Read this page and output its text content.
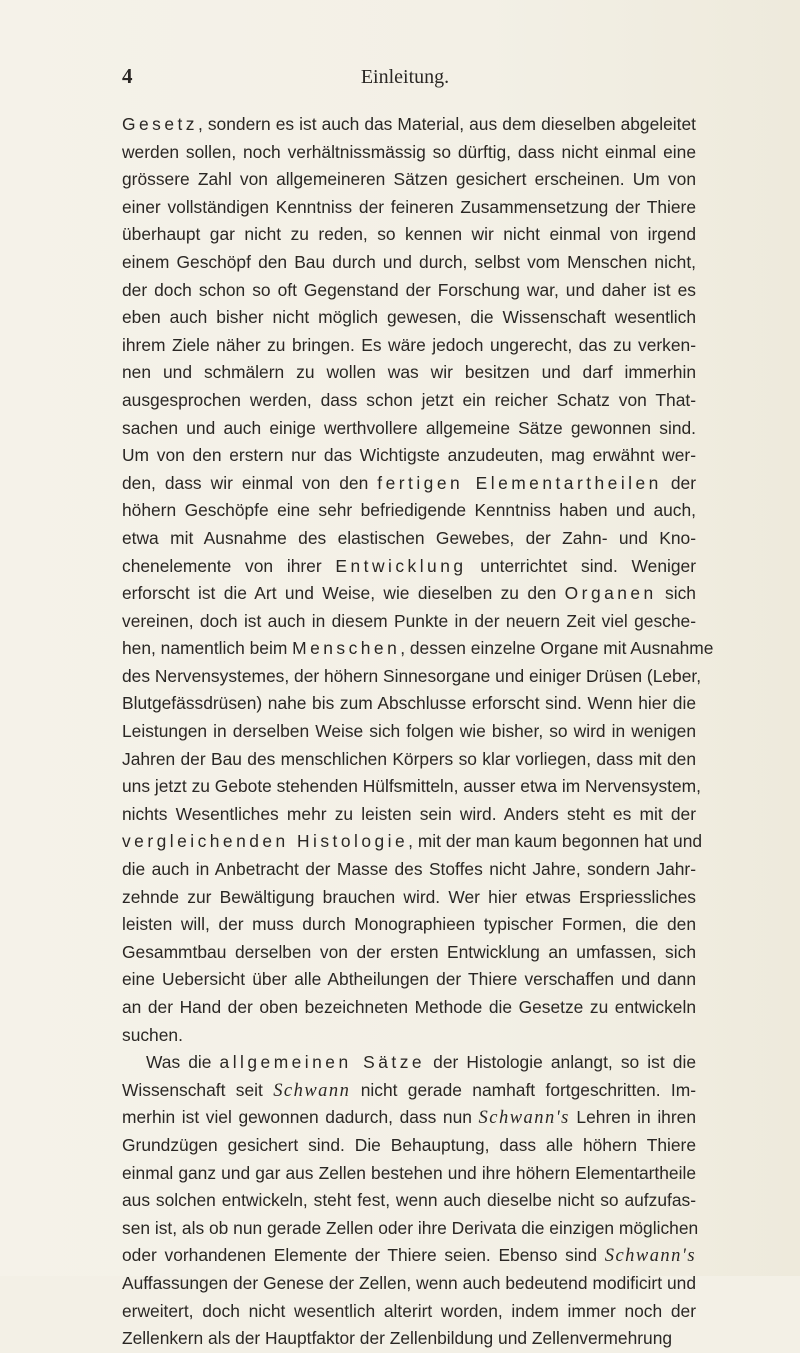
4	Einleitung.
Gesetz, sondern es ist auch das Material, aus dem dieselben abgeleitet
werden sollen, noch verhältnissmässig so dürftig, dass nicht einmal eine
grössere Zahl von allgemeineren Sätzen gesichert erscheinen. Um von
einer vollständigen Kenntniss der feineren Zusammensetzung der Thiere
überhaupt gar nicht zu reden, so kennen wir nicht einmal von irgend
einem Geschöpf den Bau durch und durch, selbst vom Menschen nicht,
der doch schon so oft Gegenstand der Forschung war, und daher ist es
eben auch bisher nicht möglich gewesen, die Wissenschaft wesentlich
ihrem Ziele näher zu bringen. Es wäre jedoch ungerecht, das zu verken-
nen und schmälern zu wollen was wir besitzen und darf immerhin
ausgesprochen werden, dass schon jetzt ein reicher Schatz von That-
sachen und auch einige werthvollere allgemeine Sätze gewonnen sind.
Um von den erstern nur das Wichtigste anzudeuten, mag erwähnt wer-
den, dass wir einmal von den fertigen Elementartheilen der
höhern Geschöpfe eine sehr befriedigende Kenntniss haben und auch,
etwa mit Ausnahme des elastischen Gewebes, der Zahn- und Kno-
chenelemente von ihrer Entwicklung unterrichtet sind. Weniger
erforscht ist die Art und Weise, wie dieselben zu den Organen sich
vereinen, doch ist auch in diesem Punkte in der neuern Zeit viel gesche-
hen, namentlich beim Menschen, dessen einzelne Organe mit Ausnahme
des Nervensystemes, der höhern Sinnesorgane und einiger Drüsen (Leber,
Blutgefässdrüsen) nahe bis zum Abschlusse erforscht sind. Wenn hier die
Leistungen in derselben Weise sich folgen wie bisher, so wird in wenigen
Jahren der Bau des menschlichen Körpers so klar vorliegen, dass mit den
uns jetzt zu Gebote stehenden Hülfsmitteln, ausser etwa im Nervensystem,
nichts Wesentliches mehr zu leisten sein wird. Anders steht es mit der
vergleichenden Histologie, mit der man kaum begonnen hat und
die auch in Anbetracht der Masse des Stoffes nicht Jahre, sondern Jahr-
zehnde zur Bewältigung brauchen wird. Wer hier etwas Erspriessliches
leisten will, der muss durch Monographieen typischer Formen, die den
Gesammtbau derselben von der ersten Entwicklung an umfassen, sich
eine Uebersicht über alle Abtheilungen der Thiere verschaffen und dann
an der Hand der oben bezeichneten Methode die Gesetze zu entwickeln
suchen.
Was die allgemeinen Sätze der Histologie anlangt, so ist die
Wissenschaft seit Schwann nicht gerade namhaft fortgeschritten. Im-
merhin ist viel gewonnen dadurch, dass nun Schwann's Lehren in ihren
Grundzügen gesichert sind. Die Behauptung, dass alle höhern Thiere
einmal ganz und gar aus Zellen bestehen und ihre höhern Elementartheile
aus solchen entwickeln, steht fest, wenn auch dieselbe nicht so aufzufas-
sen ist, als ob nun gerade Zellen oder ihre Derivata die einzigen möglichen
oder vorhandenen Elemente der Thiere seien. Ebenso sind Schwann's
Auffassungen der Genese der Zellen, wenn auch bedeutend modificirt und
erweitert, doch nicht wesentlich alterirt worden, indem immer noch der
Zellenkern als der Hauptfaktor der Zellenbildung und Zellenvermehrung
